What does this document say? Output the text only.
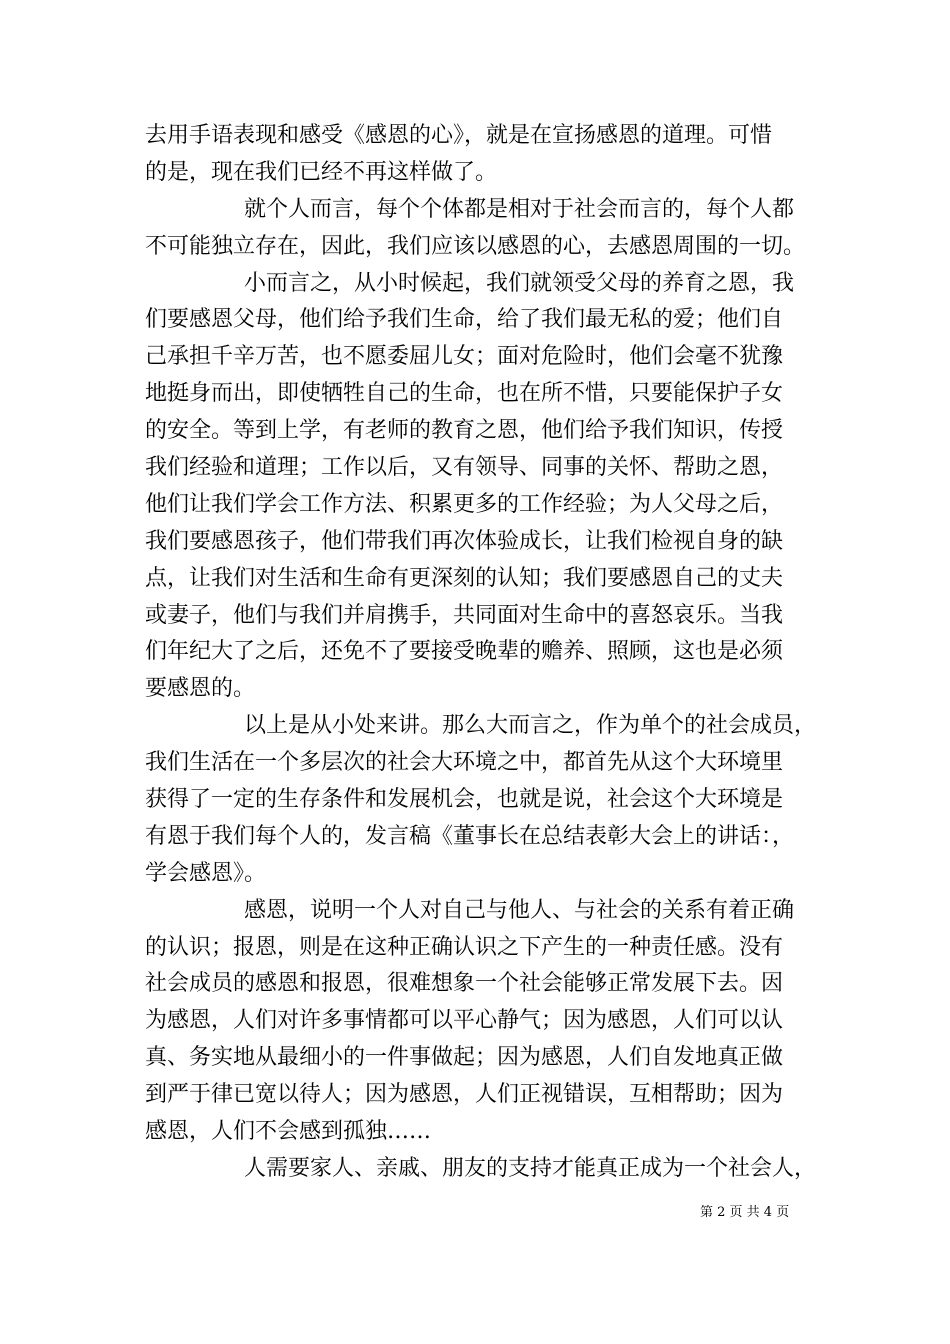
去用手语表现和感受《感恩的心》，就是在宣扬感恩的道理。可惜
的是，现在我们已经不再这样做了。
就个人而言，每个个体都是相对于社会而言的，每个人都
不可能独立存在，因此，我们应该以感恩的心，去感恩周围的一切。
小而言之，从小时候起，我们就领受父母的养育之恩，我
们要感恩父母，他们给予我们生命，给了我们最无私的爱；他们自
己承担千辛万苦，也不愿委屈儿女；面对危险时，他们会毫不犹豫
地挺身而出，即使牺牲自己的生命，也在所不惜，只要能保护子女
的安全。等到上学，有老师的教育之恩，他们给予我们知识，传授
我们经验和道理；工作以后，又有领导、同事的关怀、帮助之恩，
他们让我们学会工作方法、积累更多的工作经验；为人父母之后，
我们要感恩孩子，他们带我们再次体验成长，让我们检视自身的缺
点，让我们对生活和生命有更深刻的认知；我们要感恩自己的丈夫
或妻子，他们与我们并肩携手，共同面对生命中的喜怒哀乐。当我
们年纪大了之后，还免不了要接受晚辈的赡养、照顾，这也是必须
要感恩的。
以上是从小处来讲。那么大而言之，作为单个的社会成员，
我们生活在一个多层次的社会大环境之中，都首先从这个大环境里
获得了一定的生存条件和发展机会，也就是说，社会这个大环境是
有恩于我们每个人的，发言稿《董事长在总结表彰大会上的讲话：，
学会感恩》。
感恩，说明一个人对自己与他人、与社会的关系有着正确
的认识；报恩，则是在这种正确认识之下产生的一种责任感。没有
社会成员的感恩和报恩，很难想象一个社会能够正常发展下去。因
为感恩，人们对许多事情都可以平心静气；因为感恩，人们可以认
真、务实地从最细小的一件事做起；因为感恩，人们自发地真正做
到严于律已宽以待人；因为感恩，人们正视错误，互相帮助；因为
感恩，人们不会感到孤独……
人需要家人、亲戚、朋友的支持才能真正成为一个社会人，
第 2 页 共 4 页
